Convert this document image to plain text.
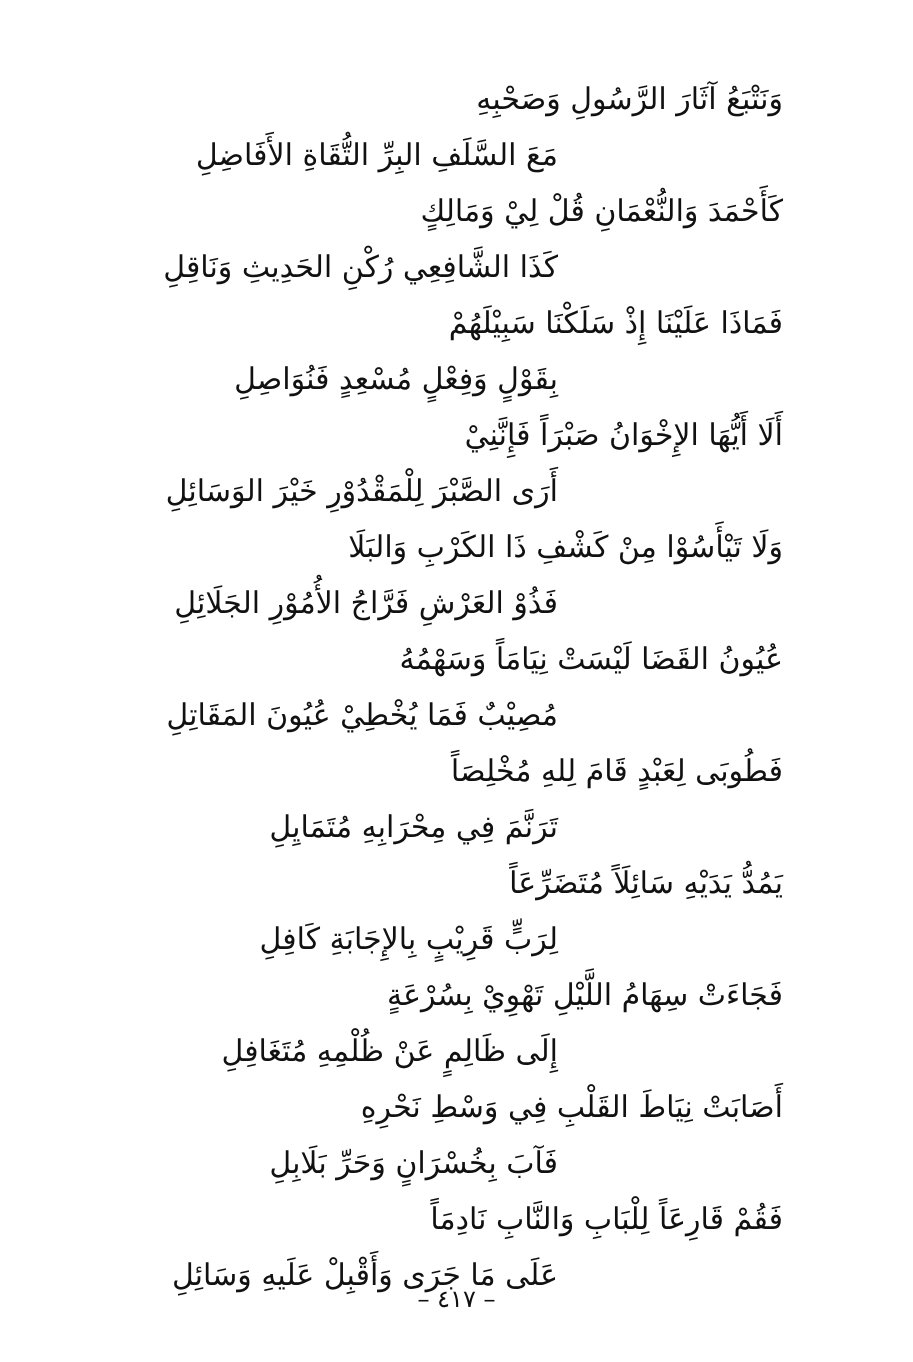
وَنَتْبَعُ آثَارَ الرَّسُولِ وَصَحْبِهِ
مَعَ السَّلَفِ البِرِّ التُّقَاةِ الأَفَاضِلِ
كَأَحْمَدَ وَالنُّعْمَانِ قُلْ لِيْ وَمَالِكٍ
كَذَا الشَّافِعِي رُكْنِ الحَدِيثِ وَنَاقِلِ
فَمَاذَا عَلَيْنَا إِذْ سَلَكْنَا سَبِيْلَهُمْ
بِقَوْلٍ وَفِعْلٍ مُسْعِدٍ فَنُوَاصِلِ
أَلَا أَيُّهَا الإِخْوَانُ صَبْرَاً فَإِنَّنِيْ
أَرَى الصَّبْرَ لِلْمَقْدُوْرِ خَيْرَ الوَسَائِلِ
وَلَا تَيْأَسُوْا مِنْ كَشْفِ ذَا الكَرْبِ وَالبَلَا
فَذُوْ العَرْشِ فَرَّاجُ الأُمُوْرِ الجَلَائِلِ
عُيُونُ القَضَا لَيْسَتْ نِيَامَاً وَسَهْمُهُ
مُصِيْبٌ فَمَا يُخْطِيْ عُيُونَ المَقَاتِلِ
فَطُوبَى لِعَبْدٍ قَامَ لِلهِ مُخْلِصَاً
تَرَنَّمَ فِي مِحْرَابِهِ مُتَمَايِلِ
يَمُدُّ يَدَيْهِ سَائِلَاً مُتَضَرِّعَاً
لِرَبٍّ قَرِيْبٍ بِالإِجَابَةِ كَافِلِ
فَجَاءَتْ سِهَامُ اللَّيْلِ تَهْوِيْ بِسُرْعَةٍ
إِلَى ظَالِمٍ عَنْ ظُلْمِهِ مُتَغَافِلِ
أَصَابَتْ نِيَاطَ القَلْبِ فِي وَسْطِ نَحْرِهِ
فَآبَ بِخُسْرَانٍ وَحَرِّ بَلَابِلِ
فَقُمْ قَارِعَاً لِلْبَابِ وَالنَّابِ نَادِمَاً
عَلَى مَا جَرَى وَأَقْبِلْ عَلَيهِ وَسَائِلِ
– ٤١٧ –
